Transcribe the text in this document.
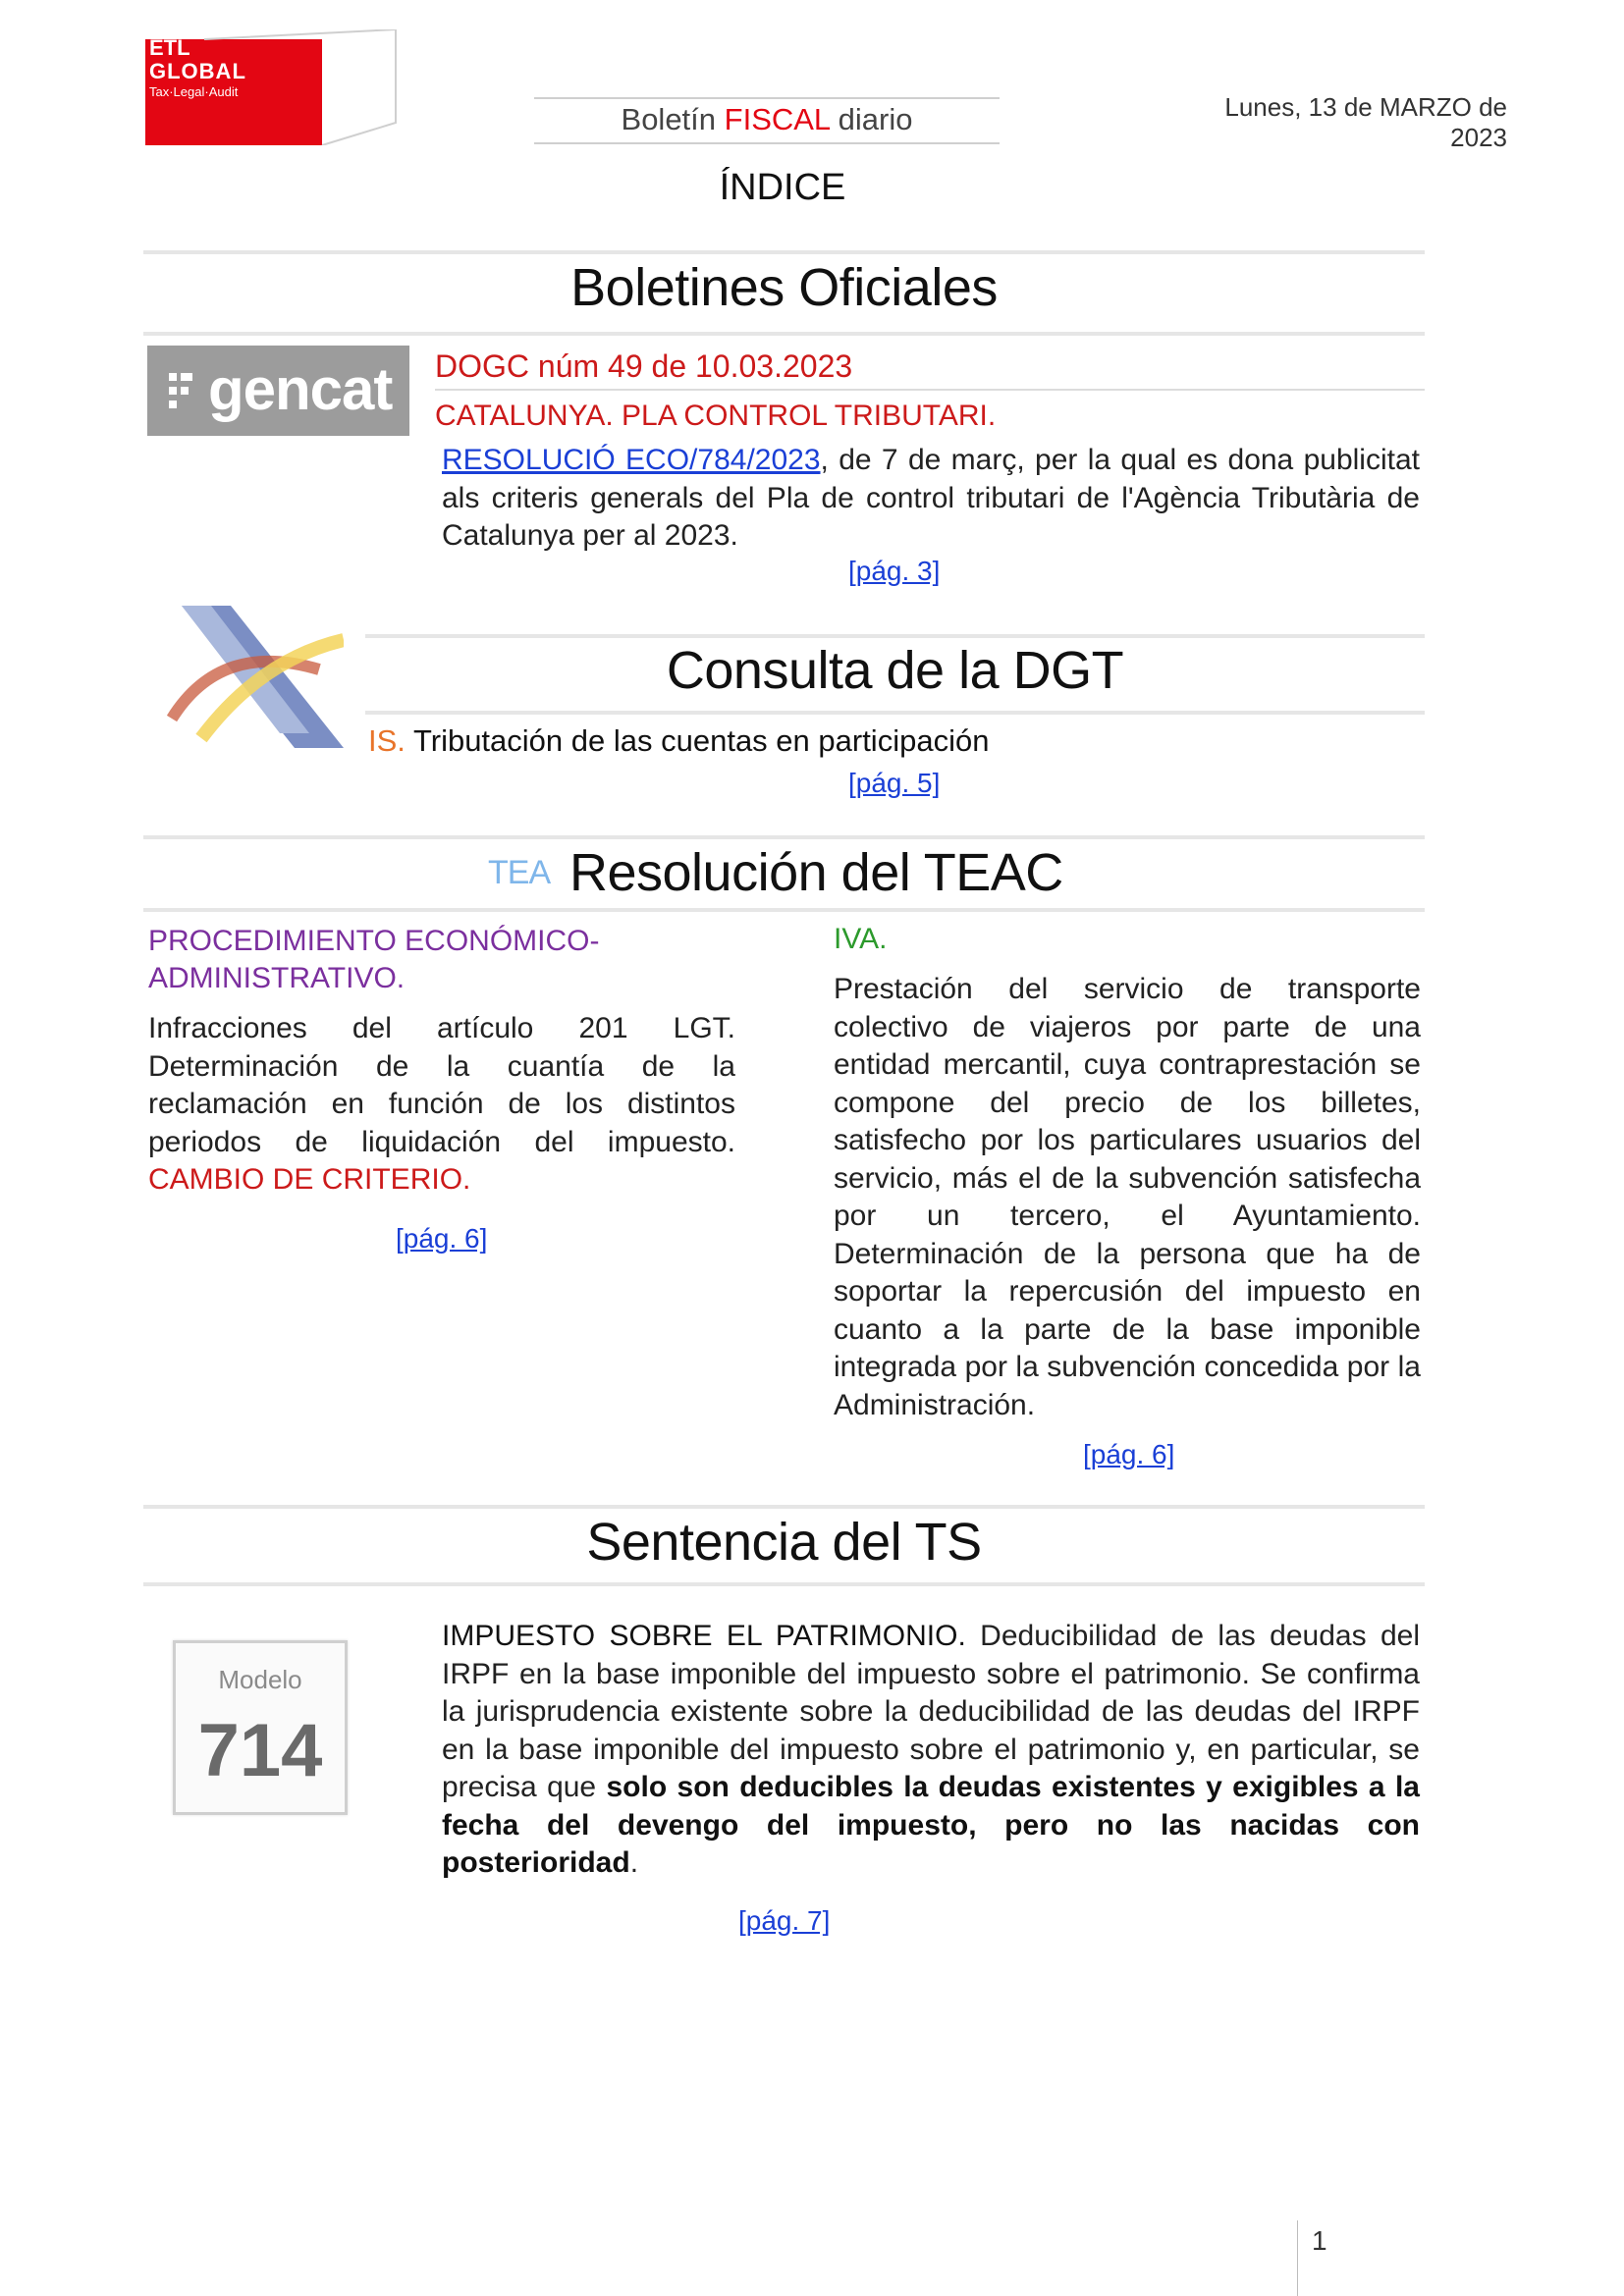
ETL
GLOBAL
Tax·Legal·Audit
Boletín FISCAL diario	Lunes, 13 de MARZO de 2023
ÍNDICE
Boletines Oficiales
gencat DOGC núm 49 de 10.03.2023
CATALUNYA. PLA CONTROL TRIBUTARI.
RESOLUCIÓ ECO/784/2023, de 7 de març, per la qual es dona publicitat als criteris generals del Pla de control tributari de l'Agència Tributària de Catalunya per al 2023.
[pág. 3]
Consulta de la DGT
IS. Tributación de las cuentas en participación
[pág. 5]
TEA Resolución del TEAC
PROCEDIMIENTO ECONÓMICO-ADMINISTRATIVO.
Infracciones del artículo 201 LGT. Determinación de la cuantía de la reclamación en función de los distintos periodos de liquidación del impuesto. CAMBIO DE CRITERIO.
[pág. 6]
IVA.
Prestación del servicio de transporte colectivo de viajeros por parte de una entidad mercantil, cuya contraprestación se compone del precio de los billetes, satisfecho por los particulares usuarios del servicio, más el de la subvención satisfecha por un tercero, el Ayuntamiento. Determinación de la persona que ha de soportar la repercusión del impuesto en cuanto a la parte de la base imponible integrada por la subvención concedida por la Administración.
[pág. 6]
Sentencia del TS
Modelo
714
IMPUESTO SOBRE EL PATRIMONIO. Deducibilidad de las deudas del IRPF en la base imponible del impuesto sobre el patrimonio. Se confirma la jurisprudencia existente sobre la deducibilidad de las deudas del IRPF en la base imponible del impuesto sobre el patrimonio y, en particular, se precisa que solo son deducibles la deudas existentes y exigibles a la fecha del devengo del impuesto, pero no las nacidas con posterioridad.
[pág. 7]
1
